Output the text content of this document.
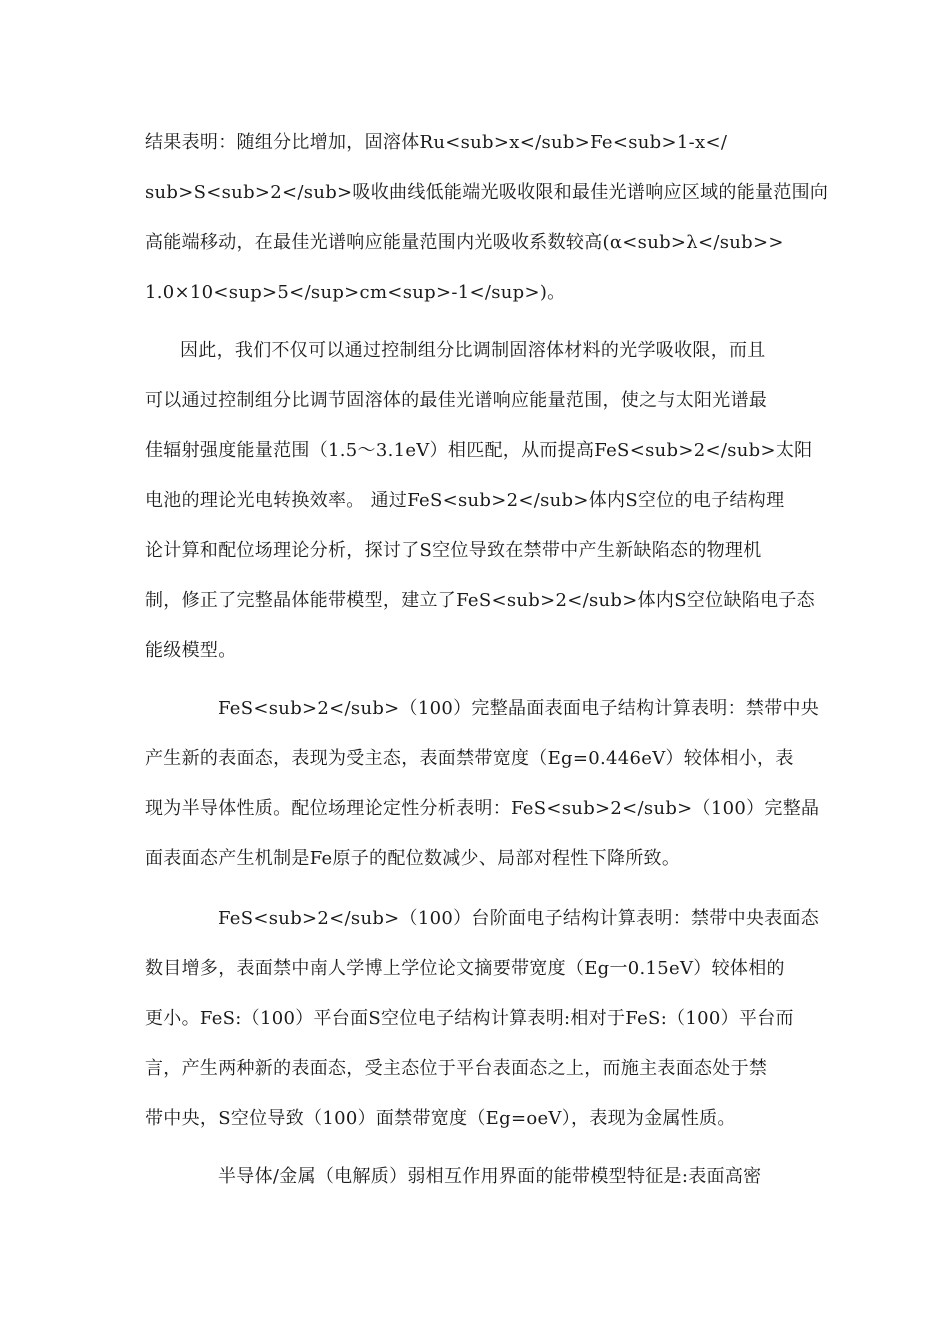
结果表明：随组分比增加，固溶体Ru<sub>x</sub>Fe<sub>1-x</
sub>S<sub>2</sub>吸收曲线低能端光吸收限和最佳光谱响应区域的能量范围向
高能端移动，在最佳光谱响应能量范围内光吸收系数较高(α<sub>λ</sub>>
1.0×10<sup>5</sup>cm<sup>-1</sup>)。
因此，我们不仅可以通过控制组分比调制固溶体材料的光学吸收限，而且
可以通过控制组分比调节固溶体的最佳光谱响应能量范围，使之与太阳光谱最
佳辐射强度能量范围（1.5～3.1eV）相匹配，从而提高FeS<sub>2</sub>太阳
电池的理论光电转换效率。 通过FeS<sub>2</sub>体内S空位的电子结构理
论计算和配位场理论分析，探讨了S空位导致在禁带中产生新缺陷态的物理机
制，修正了完整晶体能带模型，建立了FeS<sub>2</sub>体内S空位缺陷电子态
能级模型。
FeS<sub>2</sub>（100）完整晶面表面电子结构计算表明：禁带中央
产生新的表面态，表现为受主态，表面禁带宽度（Eg=0.446eV）较体相小，表
现为半导体性质。配位场理论定性分析表明：FeS<sub>2</sub>（100）完整晶
面表面态产生机制是Fe原子的配位数减少、局部对程性下降所致。
FeS<sub>2</sub>（100）台阶面电子结构计算表明：禁带中央表面态
数目增多，表面禁中南人学博上学位论文摘要带宽度（Eg一0.15eV）较体相的
更小。FeS:（100）平台面S空位电子结构计算表明:相对于FeS:（100）平台而
言，产生两种新的表面态，受主态位于平台表面态之上，而施主表面态处于禁
带中央，S空位导致（100）面禁带宽度（Eg=oeV），表现为金属性质。
半导体/金属（电解质）弱相互作用界面的能带模型特征是:表面高密
